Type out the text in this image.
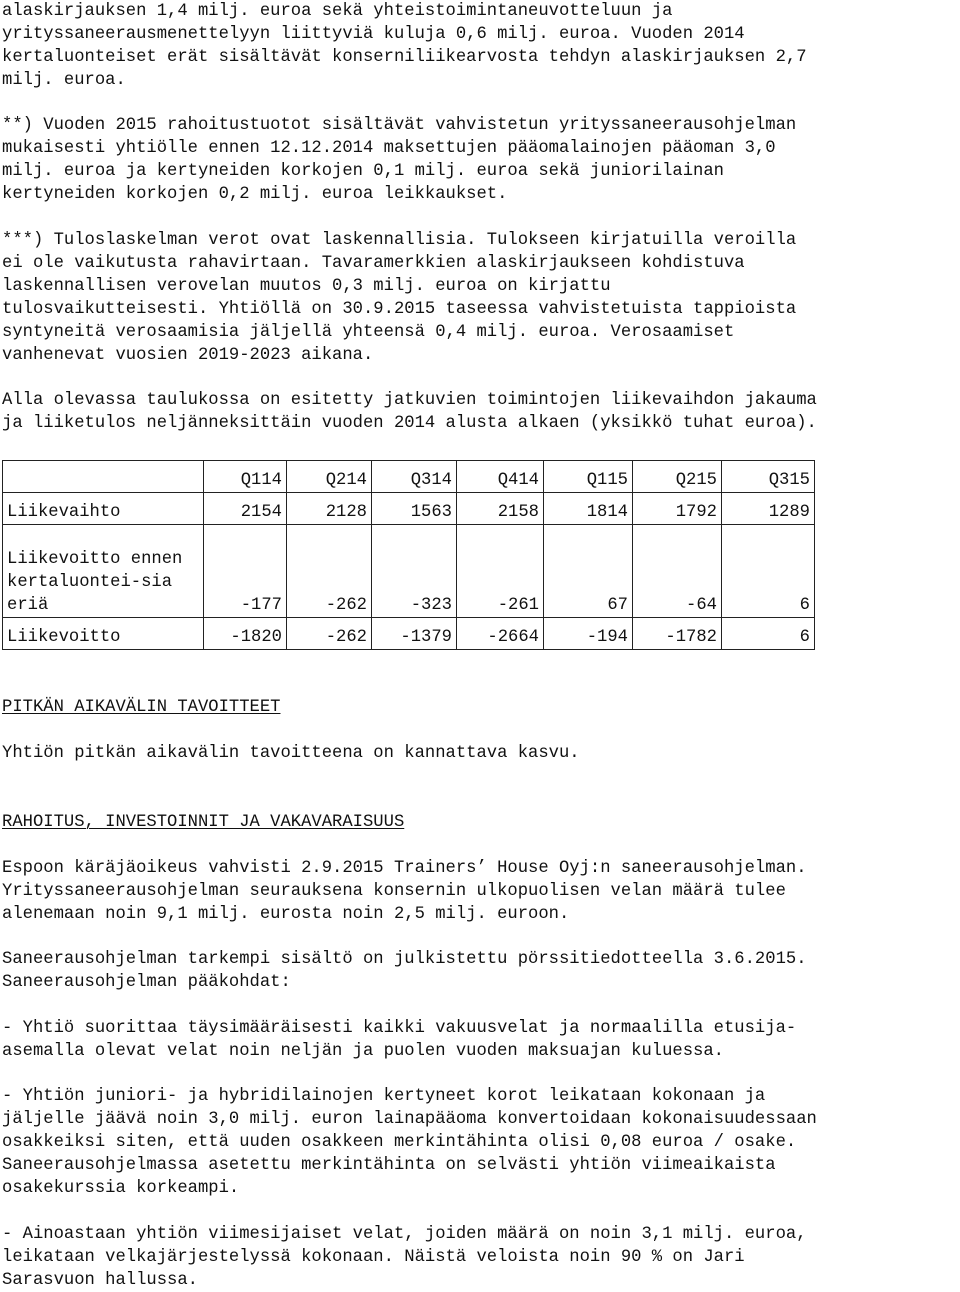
alaskirjauksen 1,4 milj. euroa sekä yhteistoimintaneuvotteluun ja
yrityssaneerausmenettelyyn liittyviä kuluja 0,6 milj. euroa. Vuoden 2014
kertaluonteiset erät sisältävät konserniliikearvosta tehdyn alaskirjauksen 2,7
milj. euroa.
**) Vuoden 2015 rahoitustuotot sisältävät vahvistetun yrityssaneerausohjelman
mukaisesti yhtiölle ennen 12.12.2014 maksettujen pääomalainojen pääoman 3,0
milj. euroa ja kertyneiden korkojen 0,1 milj. euroa sekä juniorilainan
kertyneiden korkojen 0,2 milj. euroa leikkaukset.
***) Tuloslaskelman verot ovat laskennallisia. Tulokseen kirjatuilla veroilla
ei ole vaikutusta rahavirtaan. Tavaramerkkien alaskirjaukseen kohdistuva
laskennallisen verovelan muutos 0,3 milj. euroa on kirjattu
tulosvaikutteisesti. Yhtiöllä on 30.9.2015 taseessa vahvistetuista tappioista
syntyneitä verosaamisia jäljellä yhteensä 0,4 milj. euroa. Verosaamiset
vanhenevat vuosien 2019-2023 aikana.
Alla olevassa taulukossa on esitetty jatkuvien toimintojen liikevaihdon jakauma
ja liiketulos neljänneksittäin vuoden 2014 alusta alkaen (yksikkö tuhat euroa).
	Q114	Q214	Q314	Q414	Q115	Q215	Q315
Liikevaihto	2154	2128	1563	2158	1814	1792	1289
Liikevoitto ennen kertaluontei-sia eriä	-177	-262	-323	-261	67	-64	6
Liikevoitto	-1820	-262	-1379	-2664	-194	-1782	6
PITKÄN AIKAVÄLIN TAVOITTEET
Yhtiön pitkän aikavälin tavoitteena on kannattava kasvu.
RAHOITUS, INVESTOINNIT JA VAKAVARAISUUS
Espoon käräjäoikeus vahvisti 2.9.2015 Trainers’ House Oyj:n saneerausohjelman.
Yrityssaneerausohjelman seurauksena konsernin ulkopuolisen velan määrä tulee
alenemaan noin 9,1 milj. eurosta noin 2,5 milj. euroon.
Saneerausohjelman tarkempi sisältö on julkistettu pörssitiedotteella 3.6.2015.
Saneerausohjelman pääkohdat:
- Yhtiö suorittaa täysimääräisesti kaikki vakuusvelat ja normaalilla etusija-
asemalla olevat velat noin neljän ja puolen vuoden maksuajan kuluessa.
- Yhtiön juniori- ja hybridilainojen kertyneet korot leikataan kokonaan ja
jäljelle jäävä noin 3,0 milj. euron lainapääoma konvertoidaan kokonaisuudessaan
osakkeiksi siten, että uuden osakkeen merkintähinta olisi 0,08 euroa / osake.
Saneerausohjelmassa asetettu merkintähinta on selvästi yhtiön viimeaikaista
osakekurssia korkeampi.
- Ainoastaan yhtiön viimesijaiset velat, joiden määrä on noin 3,1 milj. euroa,
leikataan velkajärjestelyssä kokonaan. Näistä veloista noin 90 % on Jari
Sarasvuon hallussa.
